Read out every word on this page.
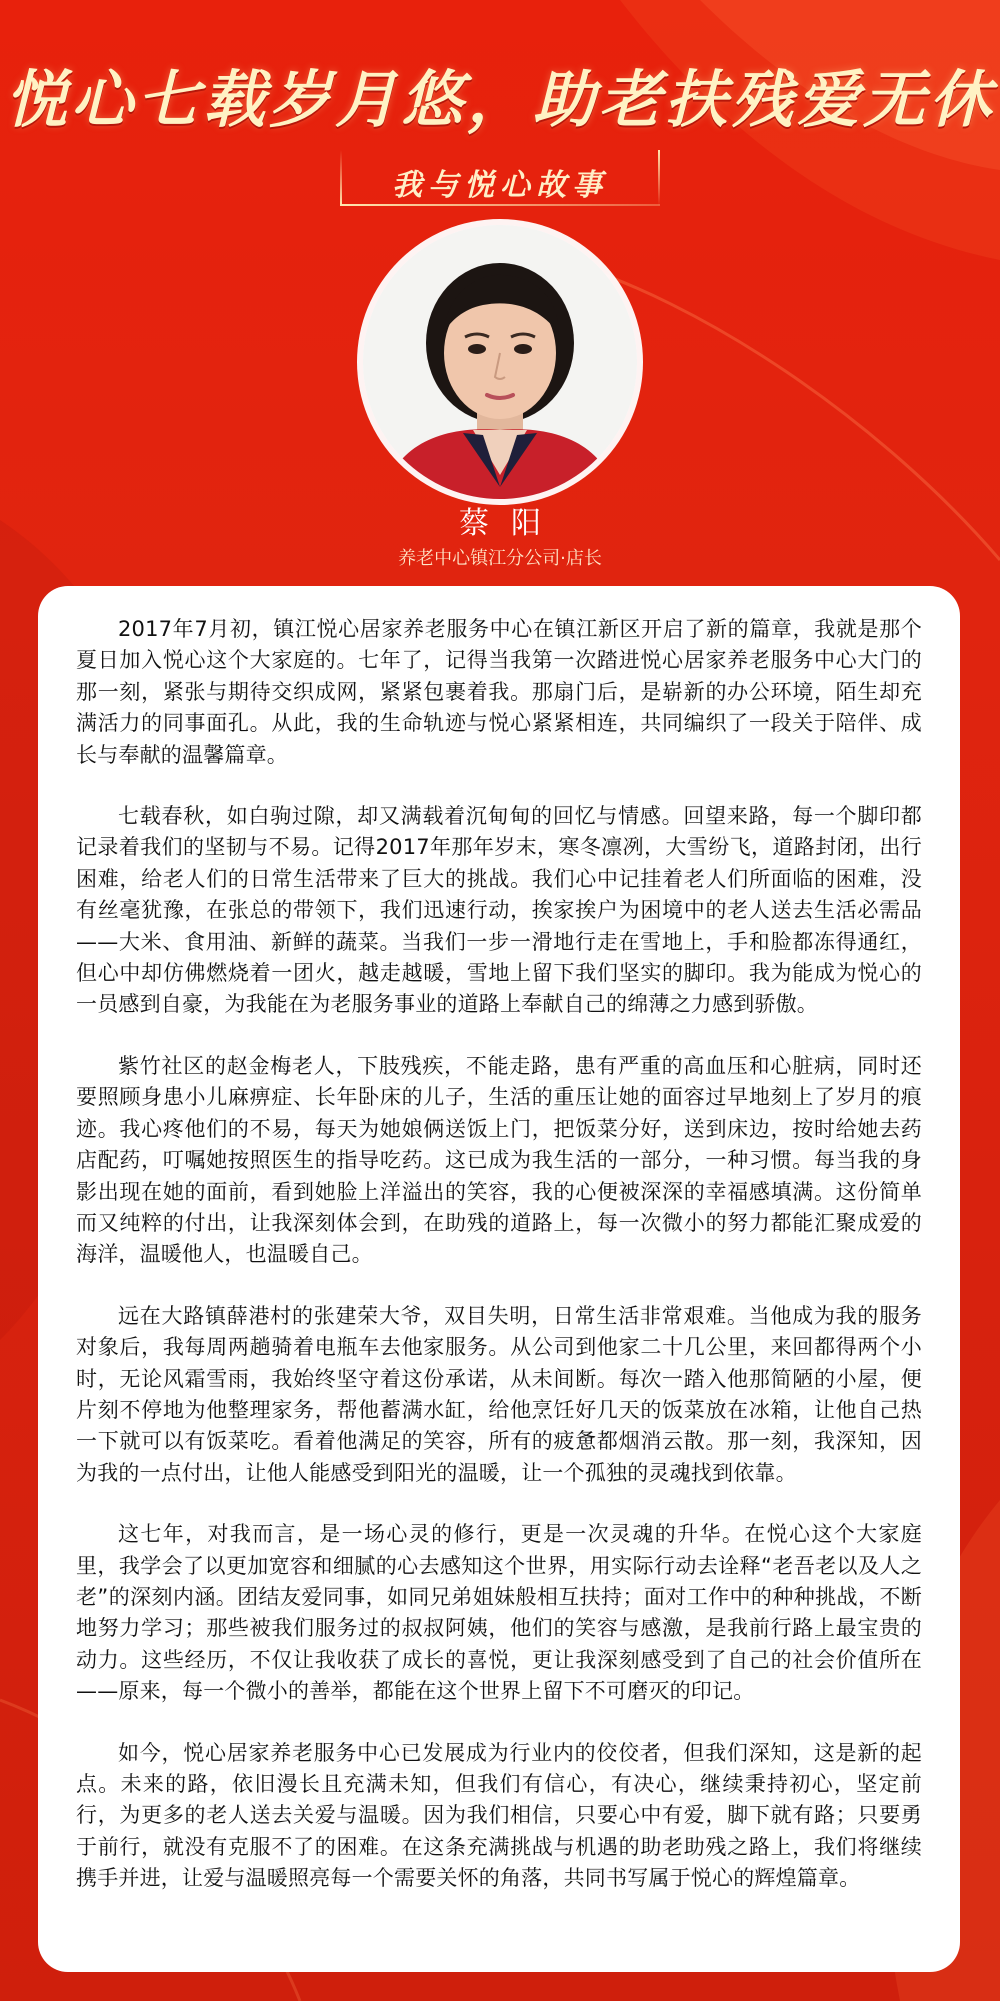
悦心七载岁月悠，助老扶残爱无休
我与悦心故事
蔡阳
养老中心镇江分公司·店长

2017年7月初，镇江悦心居家养老服务中心在镇江新区开启了新的篇章，我就是那个夏日加入悦心这个大家庭的。七年了，记得当我第一次踏进悦心居家养老服务中心大门的那一刻，紧张与期待交织成网，紧紧包裹着我。那扇门后，是崭新的办公环境，陌生却充满活力的同事面孔。从此，我的生命轨迹与悦心紧紧相连，共同编织了一段关于陪伴、成长与奉献的温馨篇章。

七载春秋，如白驹过隙，却又满载着沉甸甸的回忆与情感。回望来路，每一个脚印都记录着我们的坚韧与不易。记得2017年那年岁末，寒冬凛冽，大雪纷飞，道路封闭，出行困难，给老人们的日常生活带来了巨大的挑战。我们心中记挂着老人们所面临的困难，没有丝毫犹豫，在张总的带领下，我们迅速行动，挨家挨户为困境中的老人送去生活必需品——大米、食用油、新鲜的蔬菜。当我们一步一滑地行走在雪地上，手和脸都冻得通红，但心中却仿佛燃烧着一团火，越走越暖，雪地上留下我们坚实的脚印。我为能成为悦心的一员感到自豪，为我能在为老服务事业的道路上奉献自己的绵薄之力感到骄傲。

紫竹社区的赵金梅老人，下肢残疾，不能走路，患有严重的高血压和心脏病，同时还要照顾身患小儿麻痹症、长年卧床的儿子，生活的重压让她的面容过早地刻上了岁月的痕迹。我心疼他们的不易，每天为她娘俩送饭上门，把饭菜分好，送到床边，按时给她去药店配药，叮嘱她按照医生的指导吃药。这已成为我生活的一部分，一种习惯。每当我的身影出现在她的面前，看到她脸上洋溢出的笑容，我的心便被深深的幸福感填满。这份简单而又纯粹的付出，让我深刻体会到，在助残的道路上，每一次微小的努力都能汇聚成爱的海洋，温暖他人，也温暖自己。

远在大路镇薛港村的张建荣大爷，双目失明，日常生活非常艰难。当他成为我的服务对象后，我每周两趟骑着电瓶车去他家服务。从公司到他家二十几公里，来回都得两个小时，无论风霜雪雨，我始终坚守着这份承诺，从未间断。每次一踏入他那简陋的小屋，便片刻不停地为他整理家务，帮他蓄满水缸，给他烹饪好几天的饭菜放在冰箱，让他自己热一下就可以有饭菜吃。看着他满足的笑容，所有的疲惫都烟消云散。那一刻，我深知，因为我的一点付出，让他人能感受到阳光的温暖，让一个孤独的灵魂找到依靠。

这七年，对我而言，是一场心灵的修行，更是一次灵魂的升华。在悦心这个大家庭里，我学会了以更加宽容和细腻的心去感知这个世界，用实际行动去诠释“老吾老以及人之老”的深刻内涵。团结友爱同事，如同兄弟姐妹般相互扶持；面对工作中的种种挑战，不断地努力学习；那些被我们服务过的叔叔阿姨，他们的笑容与感激，是我前行路上最宝贵的动力。这些经历，不仅让我收获了成长的喜悦，更让我深刻感受到了自己的社会价值所在——原来，每一个微小的善举，都能在这个世界上留下不可磨灭的印记。

如今，悦心居家养老服务中心已发展成为行业内的佼佼者，但我们深知，这是新的起点。未来的路，依旧漫长且充满未知，但我们有信心，有决心，继续秉持初心，坚定前行，为更多的老人送去关爱与温暖。因为我们相信，只要心中有爱，脚下就有路；只要勇于前行，就没有克服不了的困难。在这条充满挑战与机遇的助老助残之路上，我们将继续携手并进，让爱与温暖照亮每一个需要关怀的角落，共同书写属于悦心的辉煌篇章。
